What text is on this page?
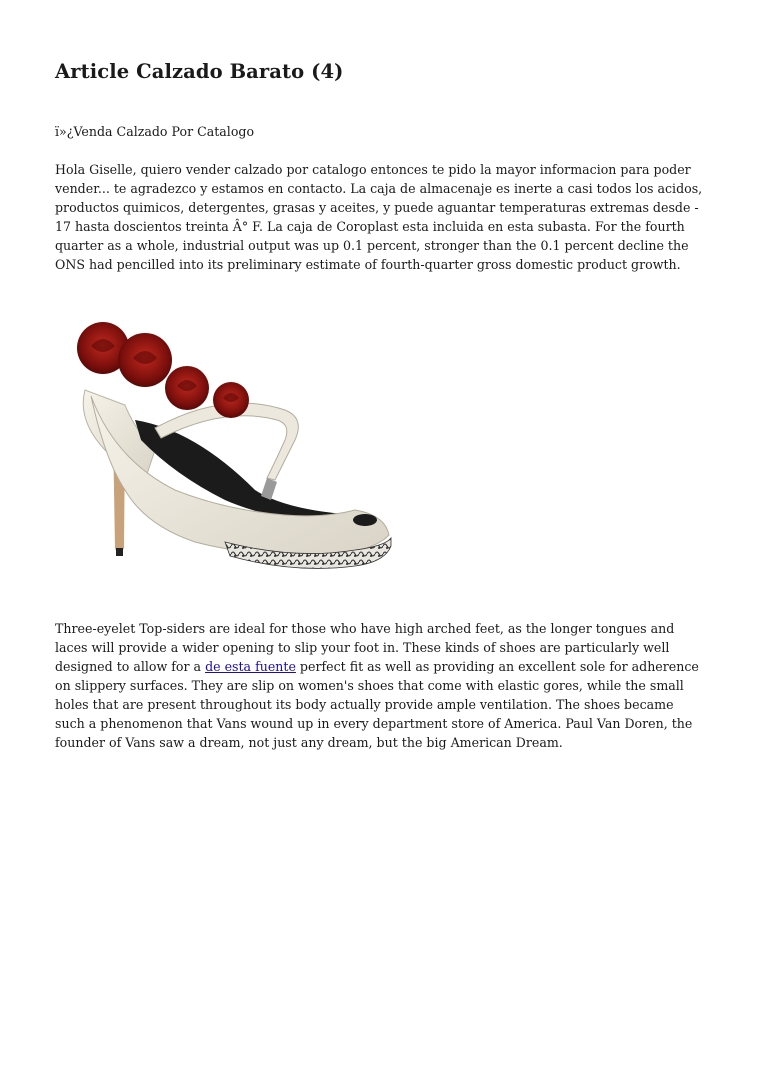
Article Calzado Barato (4)

ï»¿Venda Calzado Por Catalogo

Hola Giselle, quiero vender calzado por catalogo entonces te pido la mayor informacion para poder
vender... te agradezco y estamos en contacto. La caja de almacenaje es inerte a casi todos los acidos,
productos quimicos, detergentes, grasas y aceites, y puede aguantar temperaturas extremas desde -
17 hasta doscientos treinta Â° F. La caja de Coroplast esta incluida en esta subasta. For the fourth
quarter as a whole, industrial output was up 0.1 percent, stronger than the 0.1 percent decline the
ONS had pencilled into its preliminary estimate of fourth-quarter gross domestic product growth.
Three-eyelet Top-siders are ideal for those who have high arched feet, as the longer tongues and
laces will provide a wider opening to slip your foot in. These kinds of shoes are particularly well
designed to allow for a de esta fuente perfect fit as well as providing an excellent sole for adherence
on slippery surfaces. They are slip on women's shoes that come with elastic gores, while the small
holes that are present throughout its body actually provide ample ventilation. The shoes became
such a phenomenon that Vans wound up in every department store of America. Paul Van Doren, the
founder of Vans saw a dream, not just any dream, but the big American Dream.
